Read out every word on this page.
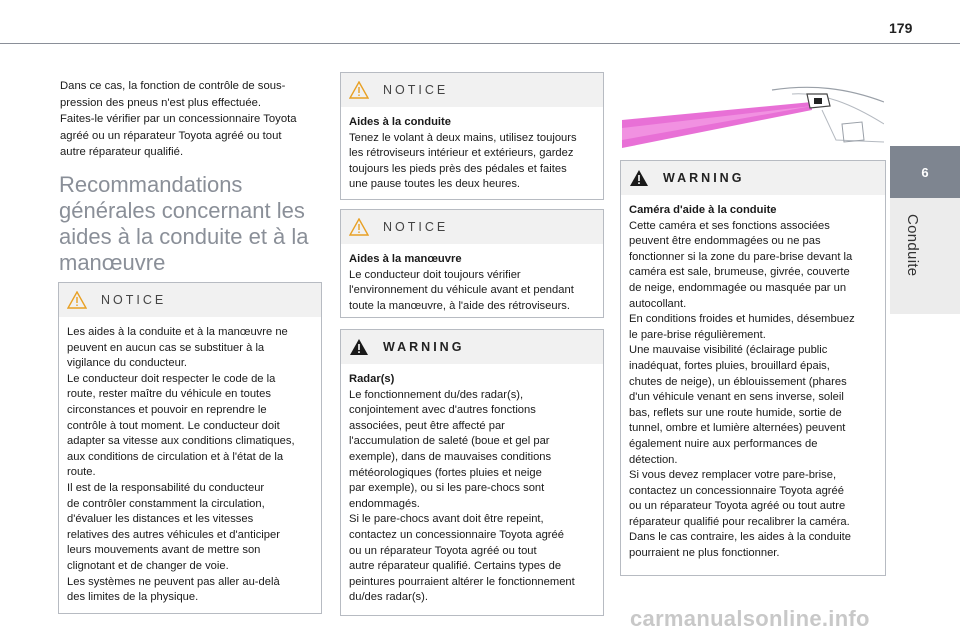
179
6
Conduite
Dans ce cas, la fonction de contrôle de sous-
pression des pneus n'est plus effectuée.
Faites-le vérifier par un concessionnaire Toyota
agréé ou un réparateur Toyota agréé ou tout
autre réparateur qualifié.
Recommandations générales concernant les aides à la conduite et à la manœuvre
NOTICE
Les aides à la conduite et à la manœuvre ne
peuvent en aucun cas se substituer à la
vigilance du conducteur.
Le conducteur doit respecter le code de la
route, rester maître du véhicule en toutes
circonstances et pouvoir en reprendre le
contrôle à tout moment. Le conducteur doit
adapter sa vitesse aux conditions climatiques,
aux conditions de circulation et à l'état de la
route.
Il est de la responsabilité du conducteur
de contrôler constamment la circulation,
d'évaluer les distances et les vitesses
relatives des autres véhicules et d'anticiper
leurs mouvements avant de mettre son
clignotant et de changer de voie.
Les systèmes ne peuvent pas aller au-delà
des limites de la physique.
NOTICE
Aides à la conduite
Tenez le volant à deux mains, utilisez toujours
les rétroviseurs intérieur et extérieurs, gardez
toujours les pieds près des pédales et faites
une pause toutes les deux heures.
NOTICE
Aides à la manœuvre
Le conducteur doit toujours vérifier
l'environnement du véhicule avant et pendant
toute la manœuvre, à l'aide des rétroviseurs.
WARNING
Radar(s)
Le fonctionnement du/des radar(s),
conjointement avec d'autres fonctions
associées, peut être affecté par
l'accumulation de saleté (boue et gel par
exemple), dans de mauvaises conditions
météorologiques (fortes pluies et neige
par exemple), ou si les pare-chocs sont
endommagés.
Si le pare-chocs avant doit être repeint,
contactez un concessionnaire Toyota agréé
ou un réparateur Toyota agréé ou tout
autre réparateur qualifié. Certains types de
peintures pourraient altérer le fonctionnement
du/des radar(s).
WARNING
Caméra d'aide à la conduite
Cette caméra et ses fonctions associées
peuvent être endommagées ou ne pas
fonctionner si la zone du pare-brise devant la
caméra est sale, brumeuse, givrée, couverte
de neige, endommagée ou masquée par un
autocollant.
En conditions froides et humides, désembuez
le pare-brise régulièrement.
Une mauvaise visibilité (éclairage public
inadéquat, fortes pluies, brouillard épais,
chutes de neige), un éblouissement (phares
d'un véhicule venant en sens inverse, soleil
bas, reflets sur une route humide, sortie de
tunnel, ombre et lumière alternées) peuvent
également nuire aux performances de
détection.
Si vous devez remplacer votre pare-brise,
contactez un concessionnaire Toyota agréé
ou un réparateur Toyota agréé ou tout autre
réparateur qualifié pour recalibrer la caméra.
Dans le cas contraire, les aides à la conduite
pourraient ne plus fonctionner.
carmanualsonline.info
